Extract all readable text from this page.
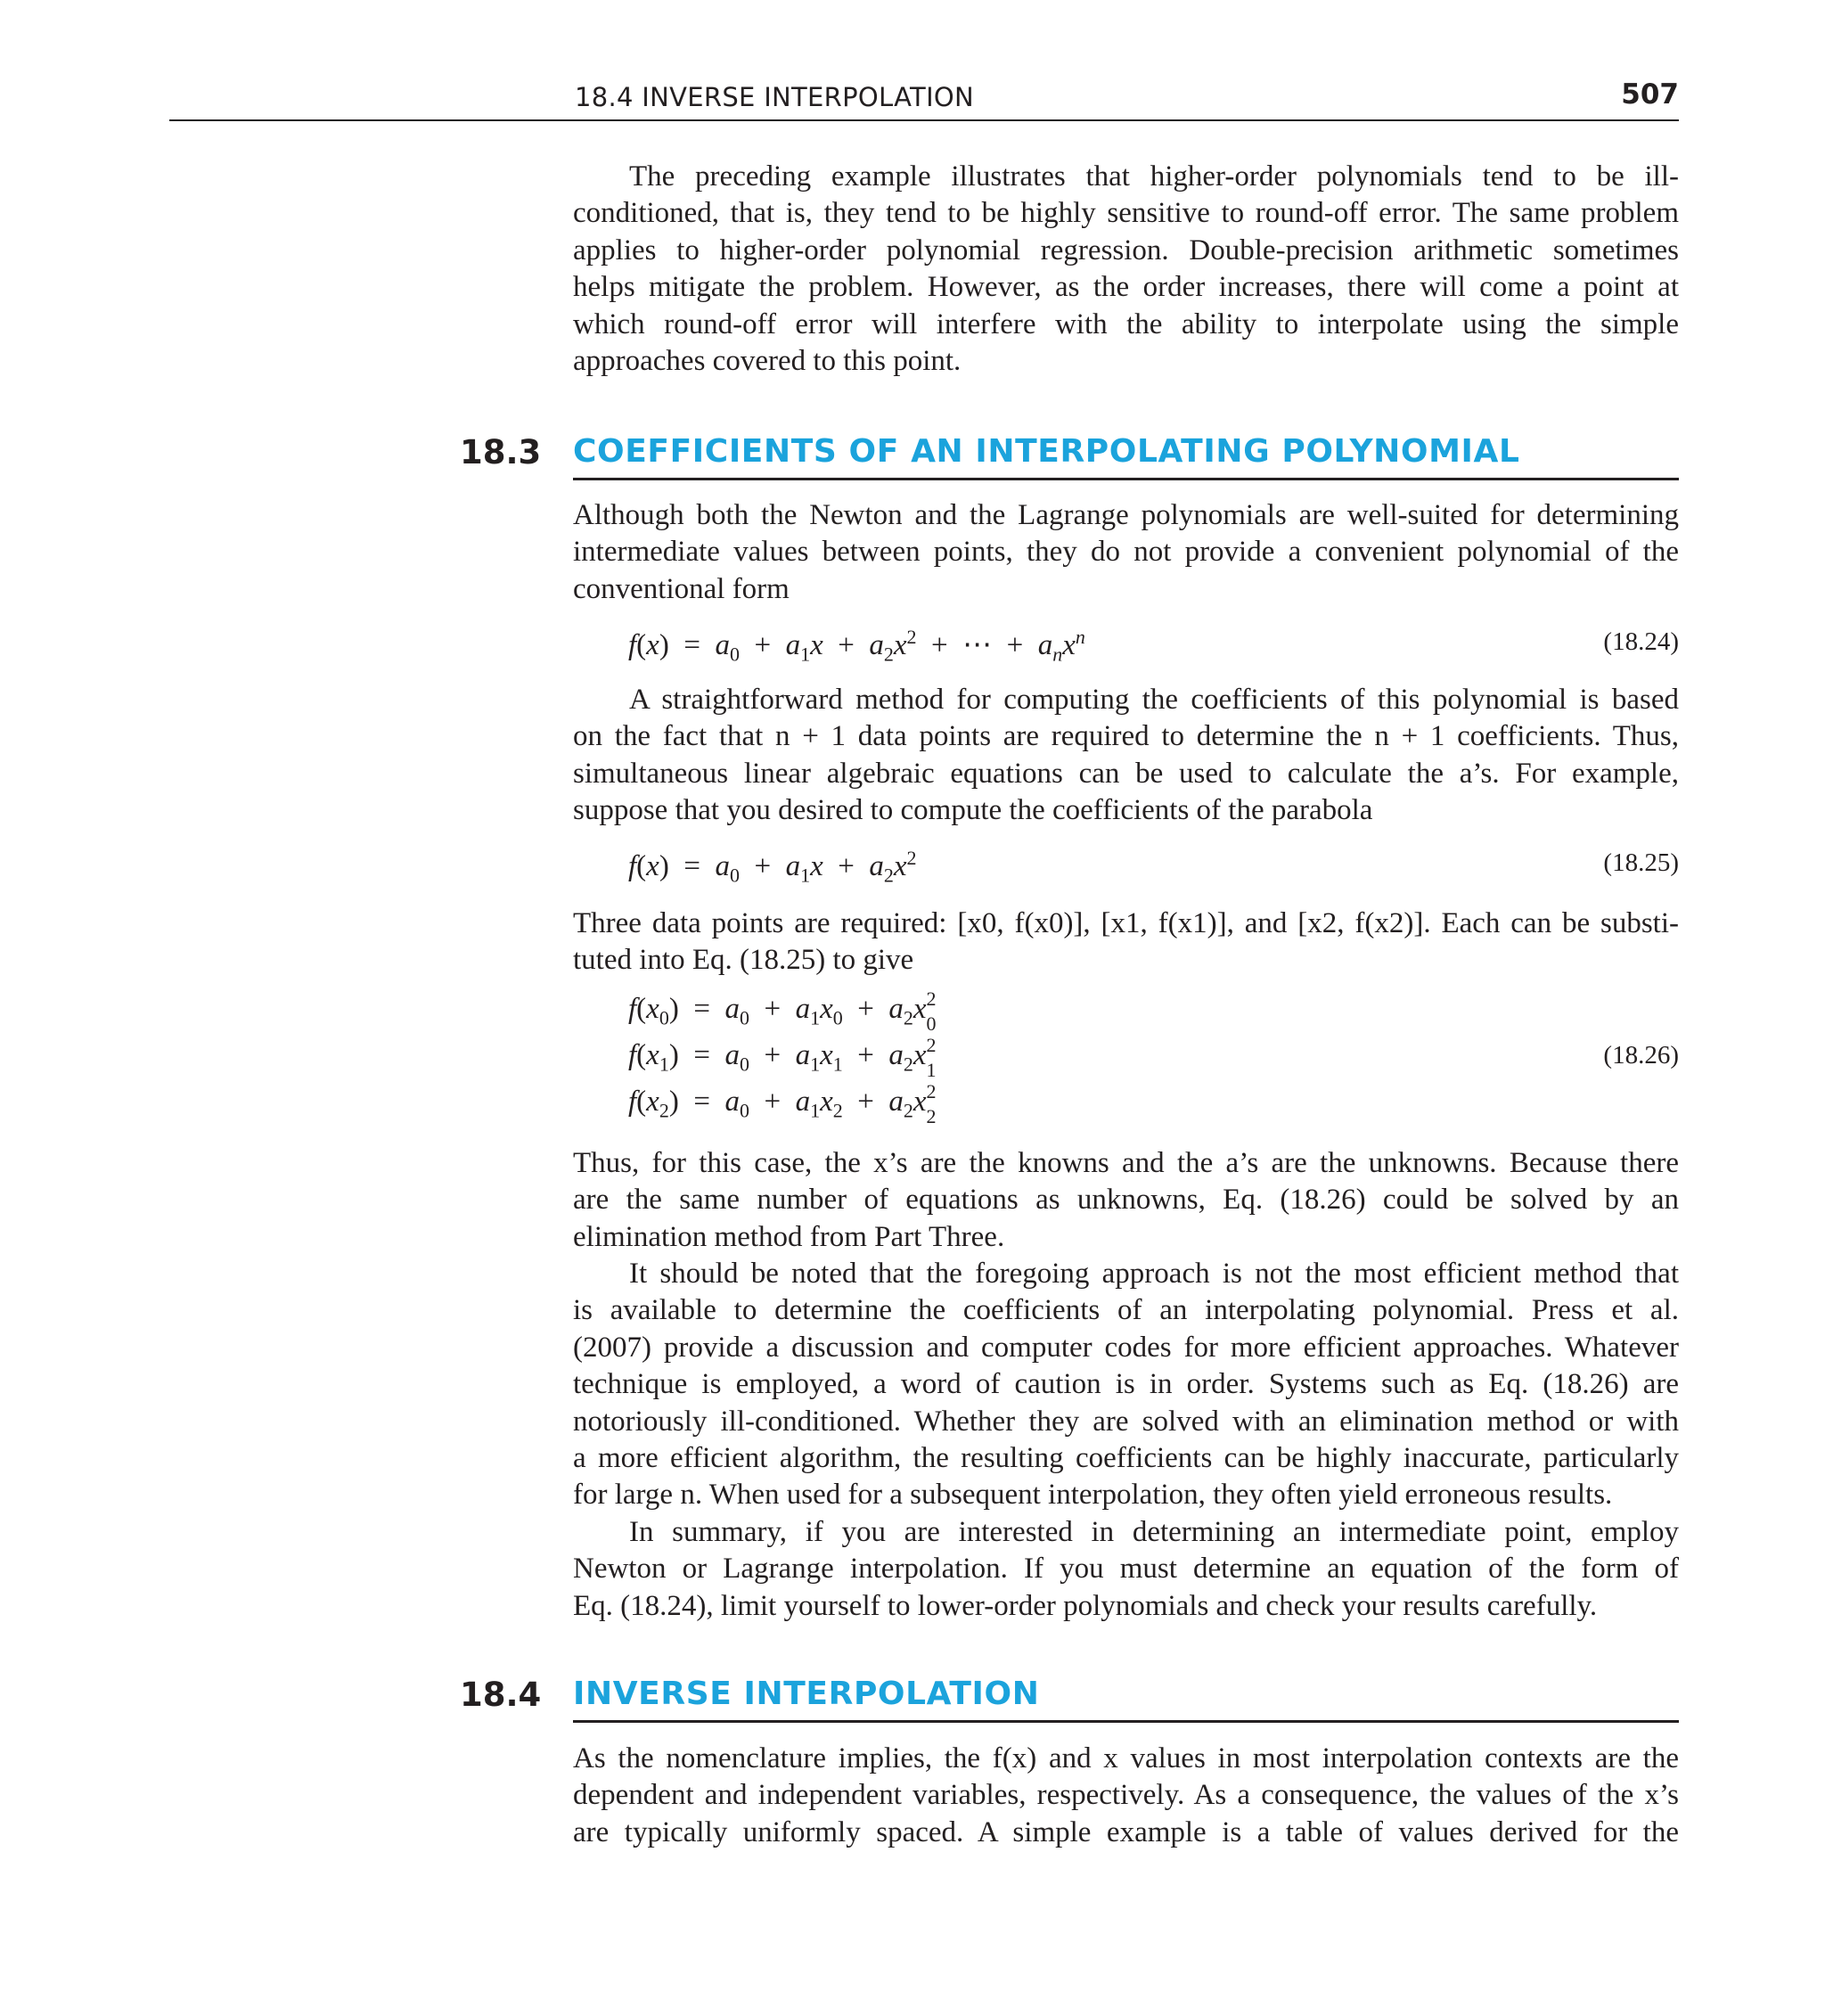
18.4 INVERSE INTERPOLATION	507
The preceding example illustrates that higher-order polynomials tend to be ill-
conditioned, that is, they tend to be highly sensitive to round-off error. The same problem
applies to higher-order polynomial regression. Double-precision arithmetic sometimes
helps mitigate the problem. However, as the order increases, there will come a point at
which round-off error will interfere with the ability to interpolate using the simple
approaches covered to this point.
18.3 COEFFICIENTS OF AN INTERPOLATING POLYNOMIAL
Although both the Newton and the Lagrange polynomials are well-suited for determining
intermediate values between points, they do not provide a convenient polynomial of the
conventional form
$f(x) = a_0 + a_1x + a_2x^2$  +  ⋯  +  $a_nx^n$	(18.24)
A straightforward method for computing the coefficients of this polynomial is based
on the fact that n + 1 data points are required to determine the n + 1 coefficients. Thus,
simultaneous linear algebraic equations can be used to calculate the a’s. For example,
suppose that you desired to compute the coefficients of the parabola
$f(x) = a_0 + a_1x + a_2x^2$	(18.25)
Three data points are required: [x0, f(x0)], [x1, f(x1)], and [x2, f(x2)]. Each can be substi-
tuted into Eq. (18.25) to give
$f(x_0) = a_0 + a_1x_0 + a_2x$ 2
0
$f(x_1) = a_0 + a_1x_1 + a_2x$ 2
1
$f(x_2) = a_0 + a_1x_2 + a_2x$ 2
2
(18.26)
Thus, for this case, the x’s are the knowns and the a’s are the unknowns. Because there
are the same number of equations as unknowns, Eq. (18.26) could be solved by an
elimination method from Part Three.
It should be noted that the foregoing approach is not the most efficient method that
is available to determine the coefficients of an interpolating polynomial. Press et al.
(2007) provide a discussion and computer codes for more efficient approaches. Whatever
technique is employed, a word of caution is in order. Systems such as Eq. (18.26) are
notoriously ill-conditioned. Whether they are solved with an elimination method or with
a more efficient algorithm, the resulting coefficients can be highly inaccurate, particularly
for large n. When used for a subsequent interpolation, they often yield erroneous results.
In summary, if you are interested in determining an intermediate point, employ
Newton or Lagrange interpolation. If you must determine an equation of the form of
Eq. (18.24), limit yourself to lower-order polynomials and check your results carefully.
18.4 INVERSE INTERPOLATION
As the nomenclature implies, the f(x) and x values in most interpolation contexts are the
dependent and independent variables, respectively. As a consequence, the values of the x’s
are typically uniformly spaced. A simple example is a table of values derived for the
